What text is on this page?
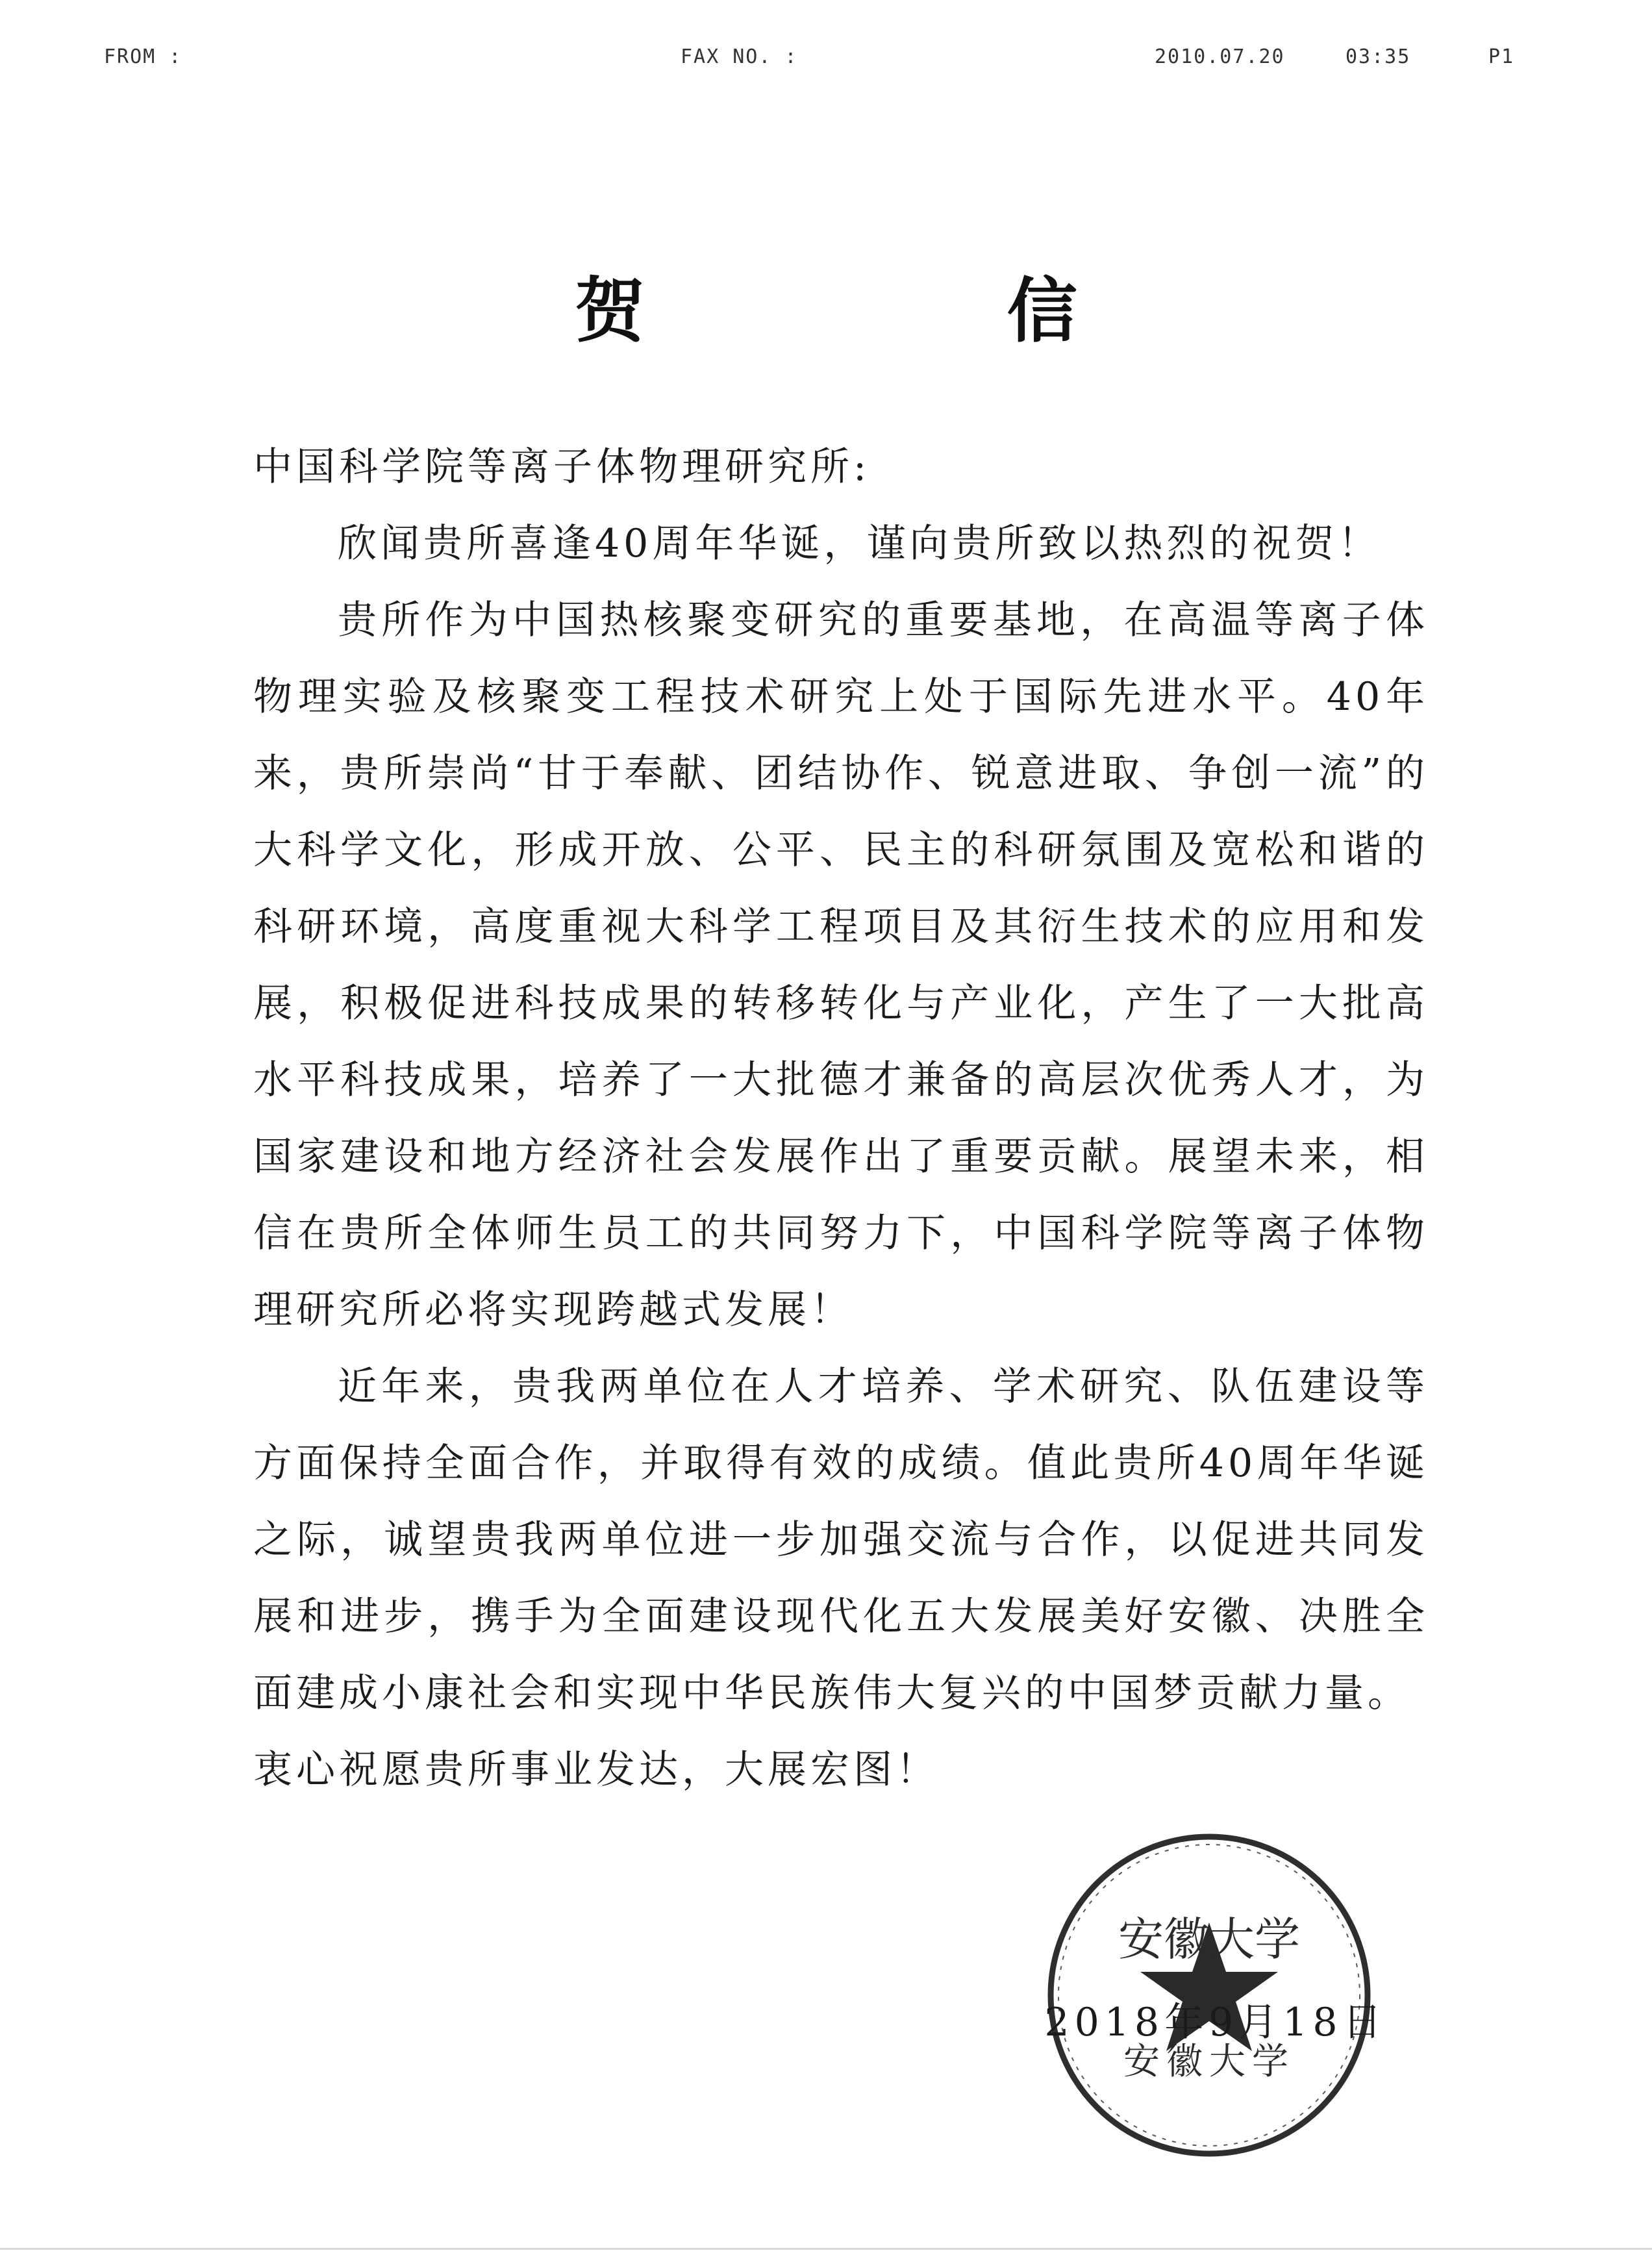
FROM :	FAX NO. :	2010.07.20	03:35	P1
贺 信

中国科学院等离子体物理研究所:

欣闻贵所喜逢40周年华诞，谨向贵所致以热烈的祝贺！

贵所作为中国热核聚变研究的重要基地，在高温等离子体物理实验及核聚变工程技术研究上处于国际先进水平。40年来，贵所崇尚“甘于奉献、团结协作、锐意进取、争创一流”的大科学文化，形成开放、公平、民主的科研氛围及宽松和谐的科研环境，高度重视大科学工程项目及其衍生技术的应用和发展，积极促进科技成果的转移转化与产业化，产生了一大批高水平科技成果，培养了一大批德才兼备的高层次优秀人才，为国家建设和地方经济社会发展作出了重要贡献。展望未来，相信在贵所全体师生员工的共同努力下，中国科学院等离子体物理研究所必将实现跨越式发展！

近年来，贵我两单位在人才培养、学术研究、队伍建设等方面保持全面合作，并取得有效的成绩。值此贵所40周年华诞之际，诚望贵我两单位进一步加强交流与合作，以促进共同发展和进步，携手为全面建设现代化五大发展美好安徽、决胜全面建成小康社会和实现中华民族伟大复兴的中国梦贡献力量。

衷心祝愿贵所事业发达，大展宏图！

安徽大学
安徽大学
2018年9月18日
